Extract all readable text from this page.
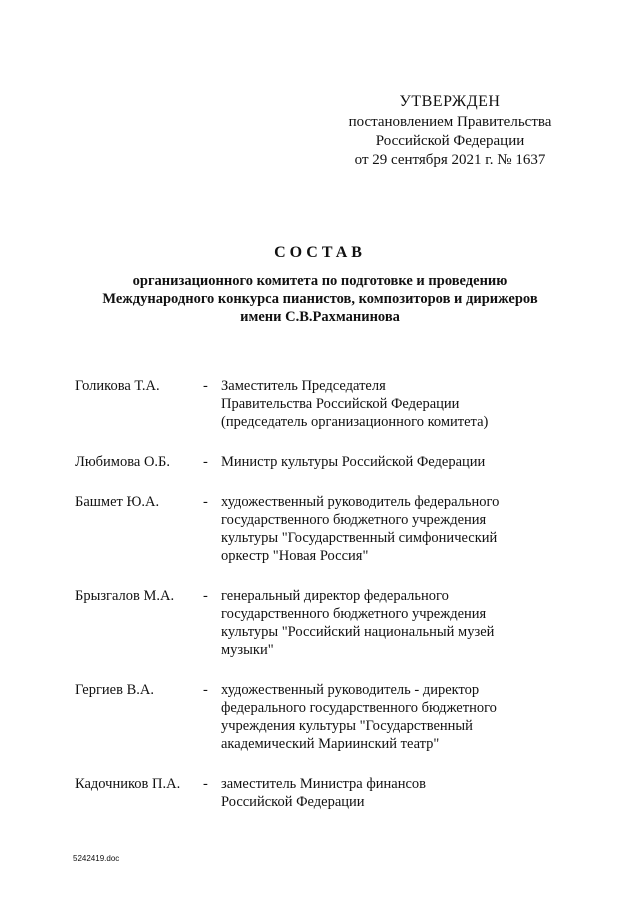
УТВЕРЖДЕН
постановлением Правительства
Российской Федерации
от 29 сентября 2021 г. № 1637
СОСТАВ
организационного комитета по подготовке и проведению
Международного конкурса пианистов, композиторов и дирижеров
имени С.В.Рахманинова
Голикова Т.А.	- Заместитель Председателя
Правительства Российской Федерации
(председатель организационного комитета)
Любимова О.Б.	- Министр культуры Российской Федерации
Башмет Ю.А.	- художественный руководитель федерального
государственного бюджетного учреждения
культуры "Государственный симфонический
оркестр "Новая Россия"
Брызгалов М.А.	- генеральный директор федерального
государственного бюджетного учреждения
культуры "Российский национальный музей
музыки"
Гергиев В.А.	- художественный руководитель - директор
федерального государственного бюджетного
учреждения культуры "Государственный
академический Мариинский театр"
Кадочников П.А.	- заместитель Министра финансов
Российской Федерации
5242419.doc
